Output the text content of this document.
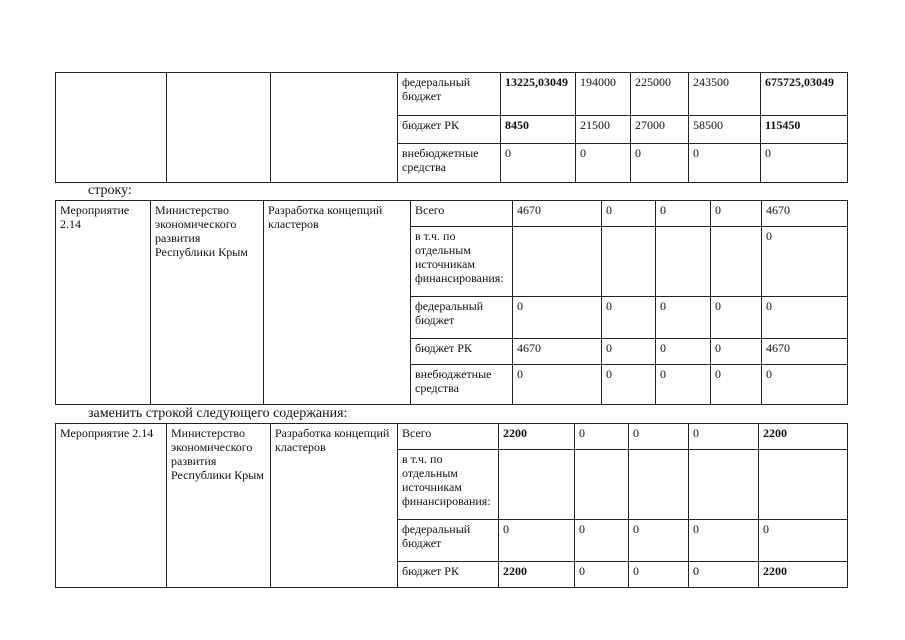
			федеральный бюджет	13225,03049	194000	225000	243500	675725,03049
			бюджет РК	8450	21500	27000	58500	115450
			внебюджетные средства	0	0	0	0	0
строку:
Мероприятие 2.14	Министерство экономического развития Республики Крым	Разработка концепций кластеров	Всего	4670	0	0	0	4670
			в т.ч. по отдельным источникам финансирования:					0
			федеральный бюджет	0	0	0	0	0
			бюджет РК	4670	0	0	0	4670
			внебюджетные средства	0	0	0	0	0
заменить строкой следующего содержания:
Мероприятие 2.14	Министерство экономического развития Республики Крым	Разработка концепций кластеров	Всего	2200	0	0	0	2200
			в т.ч. по отдельным источникам финансирования:					
			федеральный бюджет	0	0	0	0	0
			бюджет РК	2200	0	0	0	2200
